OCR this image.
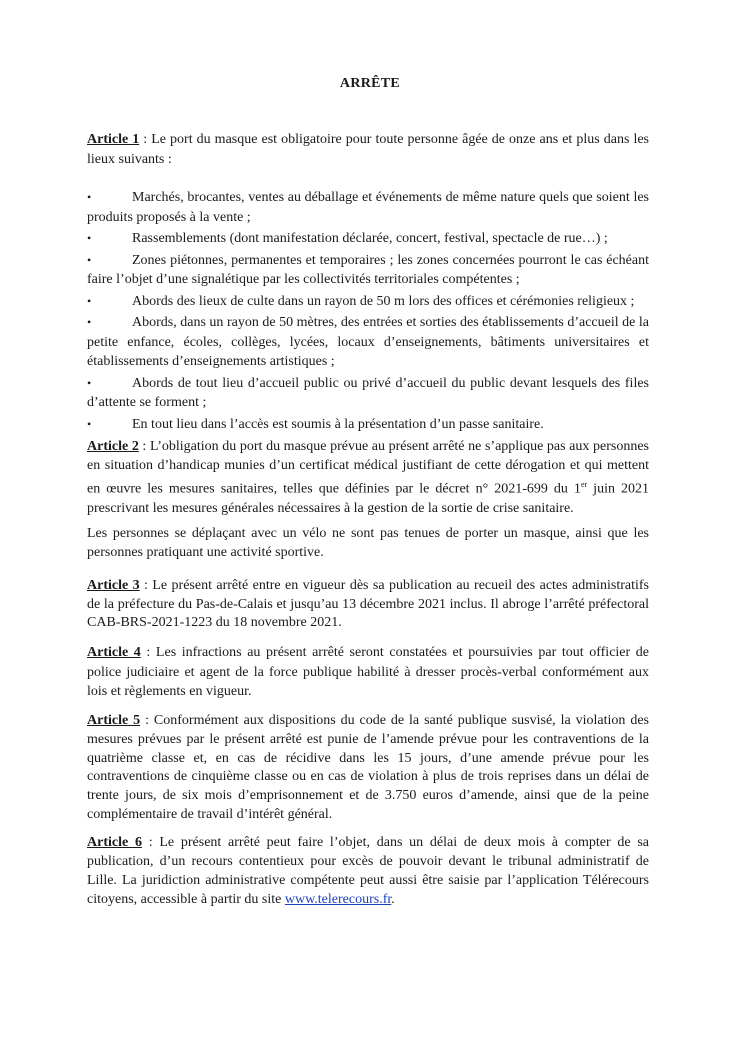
ARRÊTE

Article 1 : Le port du masque est obligatoire pour toute personne âgée de onze ans et plus dans les lieux suivants :

•	Marchés, brocantes, ventes au déballage et événements de même nature quels que soient les produits proposés à la vente ;
•	Rassemblements (dont manifestation déclarée, concert, festival, spectacle de rue…) ;
•	Zones piétonnes, permanentes et temporaires ; les zones concernées pourront le cas échéant faire l’objet d’une signalétique par les collectivités territoriales compétentes ;
•	Abords des lieux de culte dans un rayon de 50 m lors des offices et cérémonies religieux ;
•	Abords, dans un rayon de 50 mètres, des entrées et sorties des établissements d’accueil de la petite enfance, écoles, collèges, lycées, locaux d’enseignements, bâtiments universitaires et établissements d’enseignements artistiques ;
•	Abords de tout lieu d’accueil public ou privé d’accueil du public devant lesquels des files d’attente se forment ;
•	En tout lieu dans l’accès est soumis à la présentation d’un passe sanitaire.

Article 2 : L’obligation du port du masque prévue au présent arrêté ne s’applique pas aux personnes en situation d’handicap munies d’un certificat médical justifiant de cette dérogation et qui mettent en œuvre les mesures sanitaires, telles que définies par le décret n° 2021-699 du 1er juin 2021 prescrivant les mesures générales nécessaires à la gestion de la sortie de crise sanitaire.

Les personnes se déplaçant avec un vélo ne sont pas tenues de porter un masque, ainsi que les personnes pratiquant une activité sportive.

Article 3 : Le présent arrêté entre en vigueur dès sa publication au recueil des actes administratifs de la préfecture du Pas-de-Calais et jusqu’au 13 décembre 2021 inclus. Il abroge l’arrêté préfectoral CAB-BRS-2021-1223 du 18 novembre 2021.

Article 4 : Les infractions au présent arrêté seront constatées et poursuivies par tout officier de police judiciaire et agent de la force publique habilité à dresser procès-verbal conformément aux lois et règlements en vigueur.

Article 5 : Conformément aux dispositions du code de la santé publique susvisé, la violation des mesures prévues par le présent arrêté est punie de l’amende prévue pour les contraventions de la quatrième classe et, en cas de récidive dans les 15 jours, d’une amende prévue pour les contraventions de cinquième classe ou en cas de violation à plus de trois reprises dans un délai de trente jours, de six mois d’emprisonnement et de 3.750 euros d’amende, ainsi que de la peine complémentaire de travail d’intérêt général.

Article 6 : Le présent arrêté peut faire l’objet, dans un délai de deux mois à compter de sa publication, d’un recours contentieux pour excès de pouvoir devant le tribunal administratif de Lille. La juridiction administrative compétente peut aussi être saisie par l’application Télérecours citoyens, accessible à partir du site www.telerecours.fr.
